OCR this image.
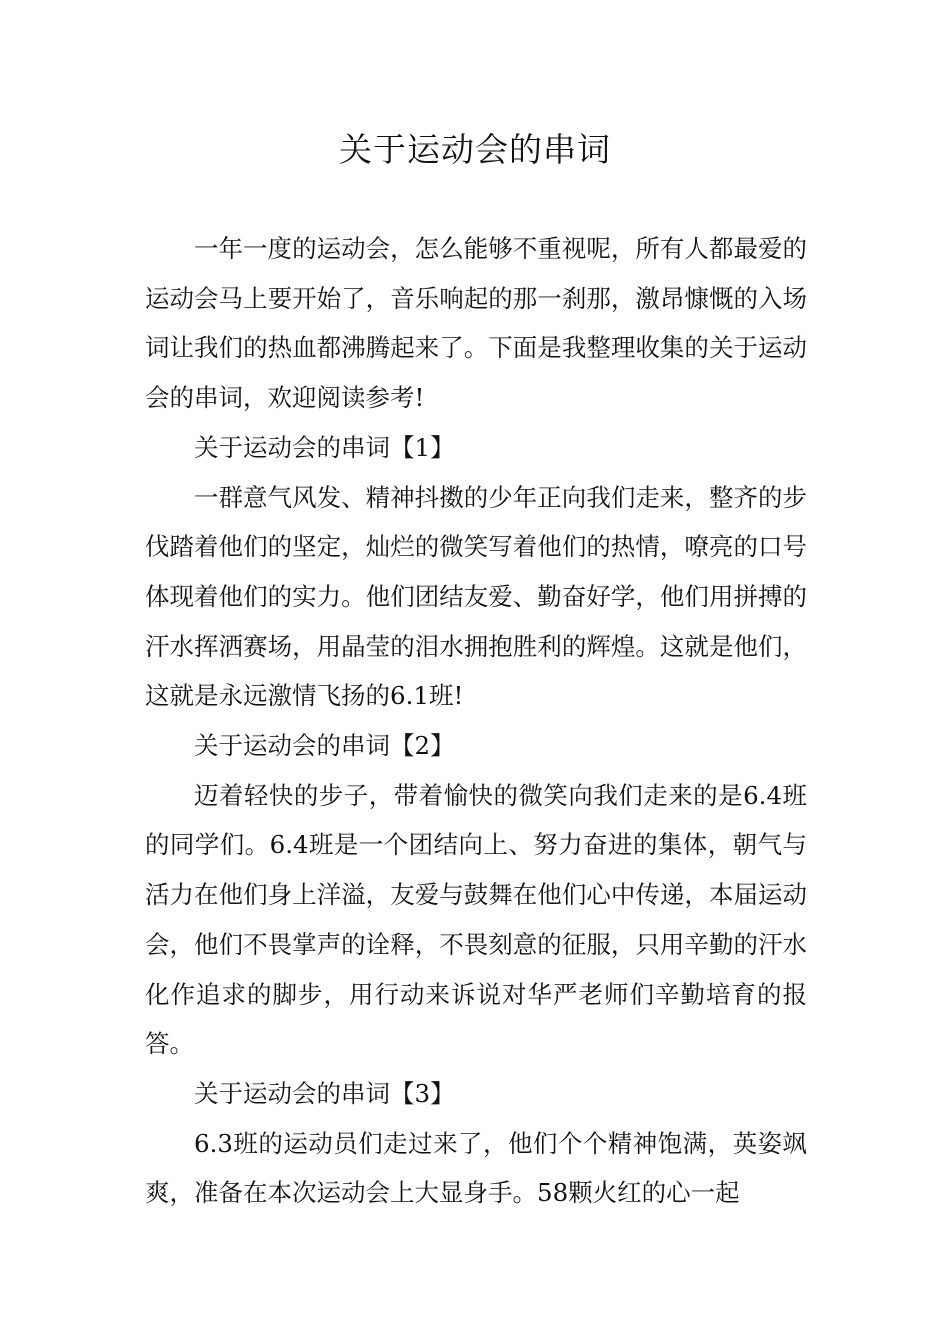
关于运动会的串词

一年一度的运动会，怎么能够不重视呢，所有人都最爱的运动会马上要开始了，音乐响起的那一刹那，激昂慷慨的入场词让我们的热血都沸腾起来了。下面是我整理收集的关于运动会的串词，欢迎阅读参考!

关于运动会的串词【1】

一群意气风发、精神抖擞的少年正向我们走来，整齐的步伐踏着他们的坚定，灿烂的微笑写着他们的热情，嘹亮的口号体现着他们的实力。他们团结友爱、勤奋好学，他们用拼搏的汗水挥洒赛场，用晶莹的泪水拥抱胜利的辉煌。这就是他们，这就是永远激情飞扬的6.1班!

关于运动会的串词【2】

迈着轻快的步子，带着愉快的微笑向我们走来的是6.4班的同学们。6.4班是一个团结向上、努力奋进的集体，朝气与活力在他们身上洋溢，友爱与鼓舞在他们心中传递，本届运动会，他们不畏掌声的诠释，不畏刻意的征服，只用辛勤的汗水化作追求的脚步，用行动来诉说对华严老师们辛勤培育的报答。

关于运动会的串词【3】

6.3班的运动员们走过来了，他们个个精神饱满，英姿飒爽，准备在本次运动会上大显身手。58颗火红的心一起
